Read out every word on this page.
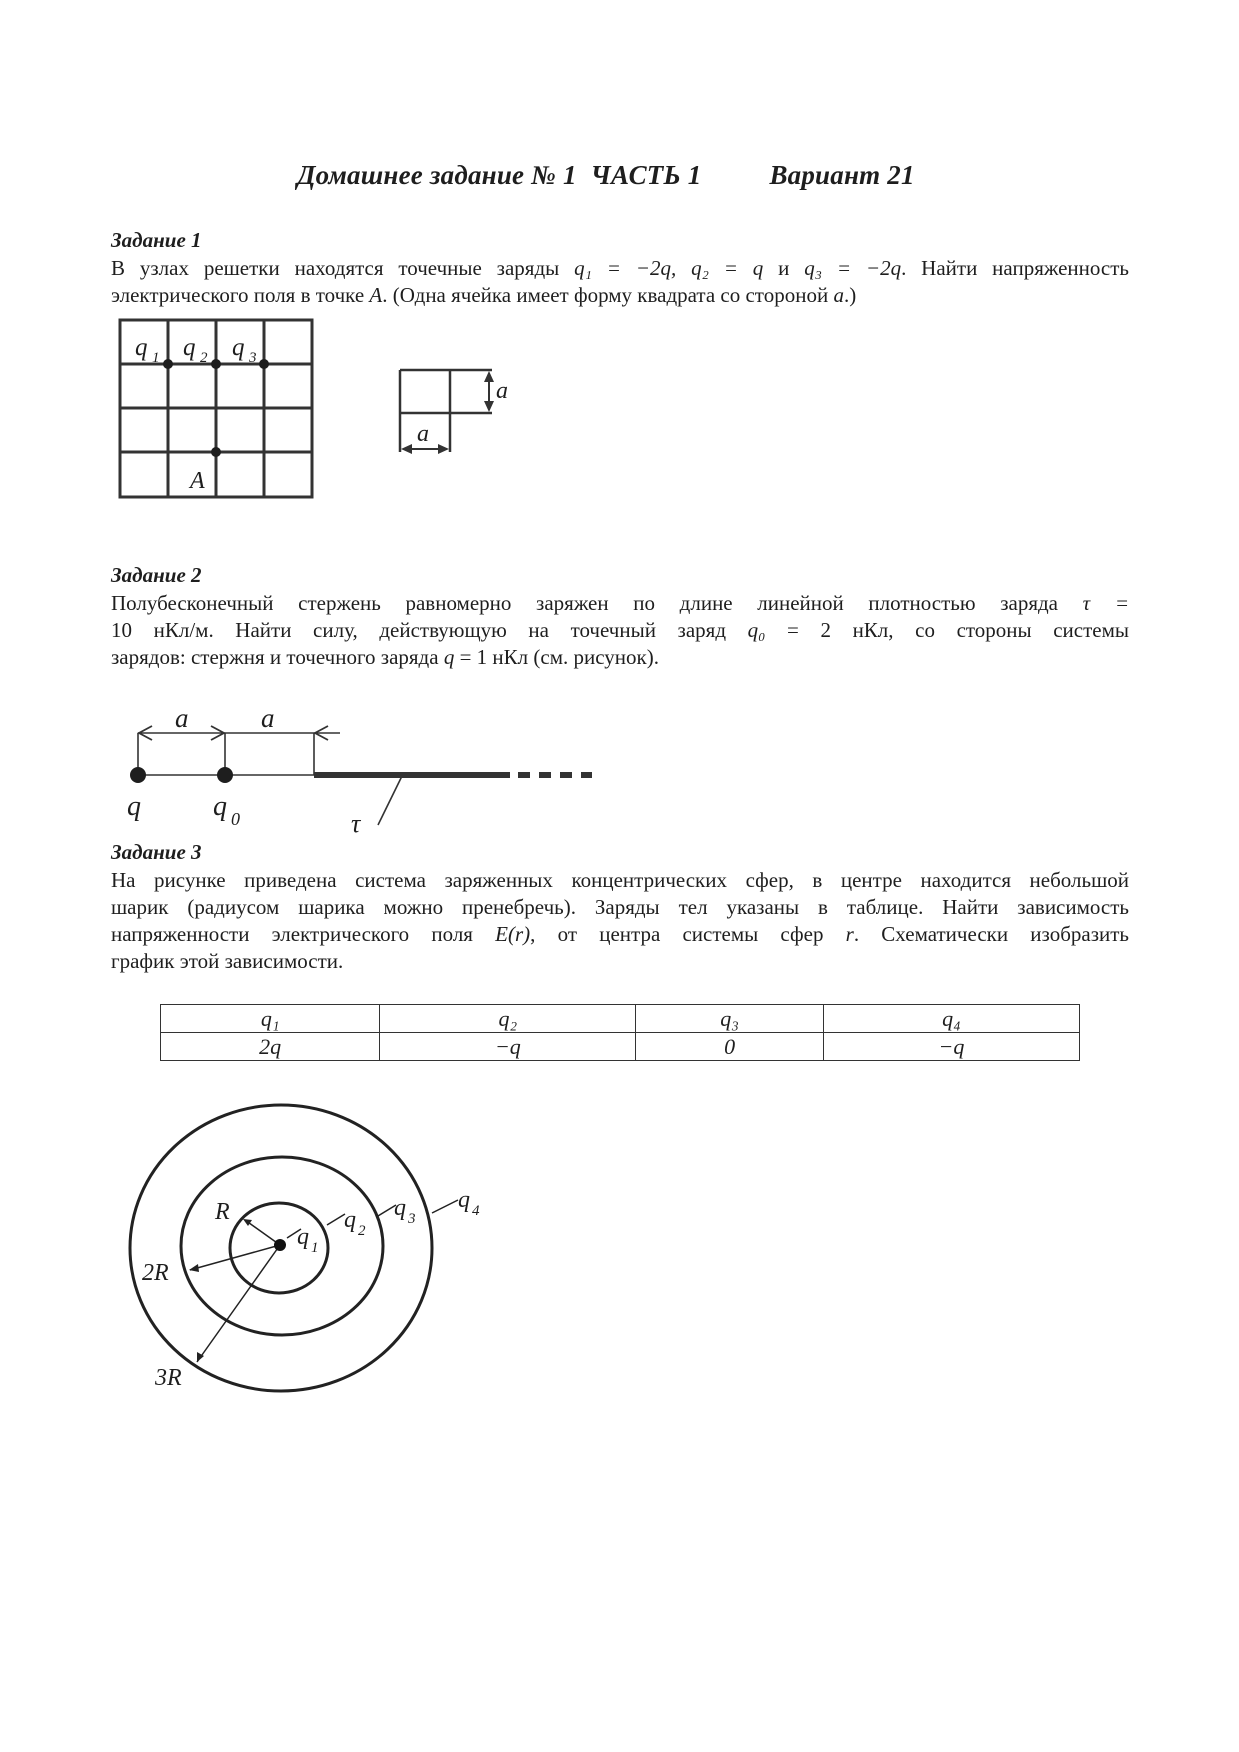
Домашнее задание № 1  ЧАСТЬ 1	Вариант 21
Задание 1
В узлах решетки находятся точечные заряды q₁ = −2q, q₂ = q и q₃ = −2q. Найти напряженность
электрического поля в точке A. (Одна ячейка имеет форму квадрата со стороной a.)
q 1 q 2 q 3
A
a
a
a	a
q	q 0	τ
R
2R
3R
q 1
q 2
q 3
q 4
Задание 2
Полубесконечный стержень равномерно заряжен по длине линейной плотностью заряда τ =
10 нКл/м. Найти силу, действующую на точечный заряд q₀ = 2 нКл, со стороны системы
зарядов: стержня и точечного заряда q = 1 нКл (см. рисунок).
Задание 3
На рисунке приведена система заряженных концентрических сфер, в центре находится небольшой
шарик (радиусом шарика можно пренебречь). Заряды тел указаны в таблице. Найти зависимость
напряженности электрического поля E(r), от центра системы сфер r. Схематически изобразить
график этой зависимости.
q₁	q₂	q₃	q₄
2q	−q	0	−q
